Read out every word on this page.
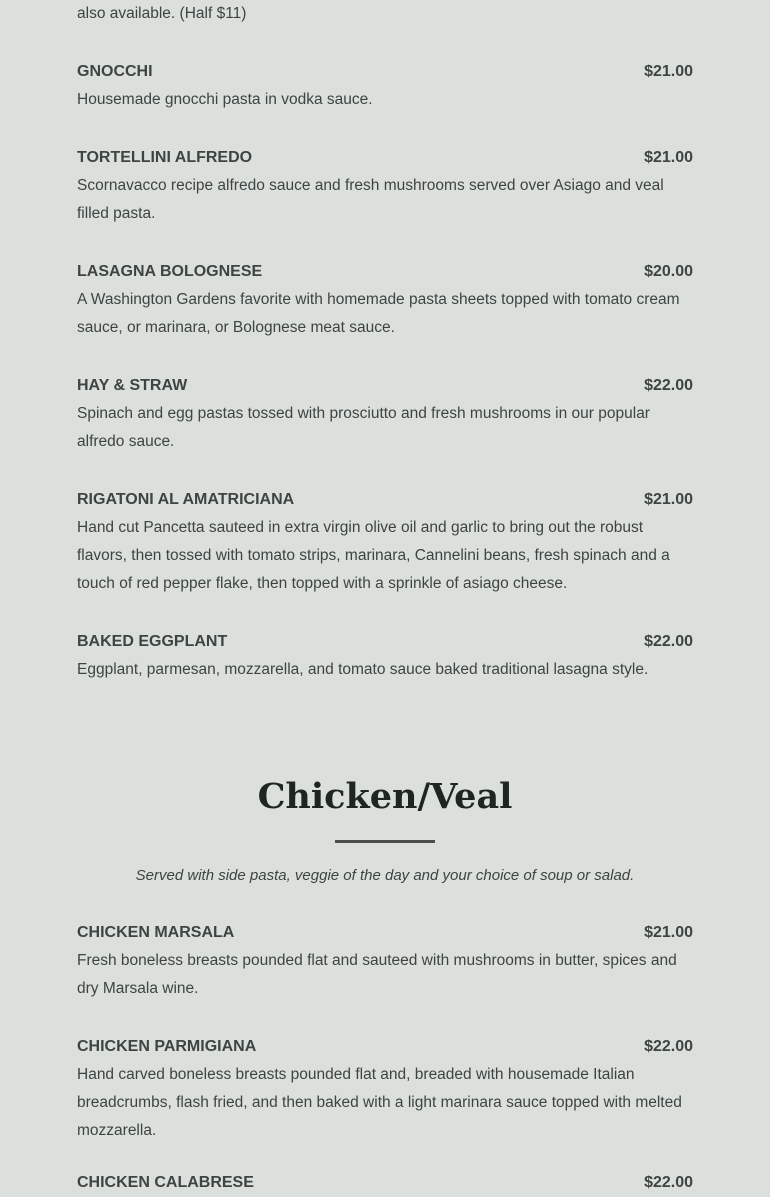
also available. (Half $11)
GNOCCHI	$21.00
Housemade gnocchi pasta in vodka sauce.
TORTELLINI ALFREDO	$21.00
Scornavacco recipe alfredo sauce and fresh mushrooms served over Asiago and veal filled pasta.
LASAGNA BOLOGNESE	$20.00
A Washington Gardens favorite with homemade pasta sheets topped with tomato cream sauce, or marinara, or Bolognese meat sauce.
HAY & STRAW	$22.00
Spinach and egg pastas tossed with prosciutto and fresh mushrooms in our popular alfredo sauce.
RIGATONI AL AMATRICIANA	$21.00
Hand cut Pancetta sauteed in extra virgin olive oil and garlic to bring out the robust flavors, then tossed with tomato strips, marinara, Cannelini beans, fresh spinach and a touch of red pepper flake, then topped with a sprinkle of asiago cheese.
BAKED EGGPLANT	$22.00
Eggplant, parmesan, mozzarella, and tomato sauce baked traditional lasagna style.
Chicken/Veal
Served with side pasta, veggie of the day and your choice of soup or salad.
CHICKEN MARSALA	$21.00
Fresh boneless breasts pounded flat and sauteed with mushrooms in butter, spices and dry Marsala wine.
CHICKEN PARMIGIANA	$22.00
Hand carved boneless breasts pounded flat and, breaded with housemade Italian breadcrumbs, flash fried, and then baked with a light marinara sauce topped with melted mozzarella.
CHICKEN CALABRESE	$22.00
